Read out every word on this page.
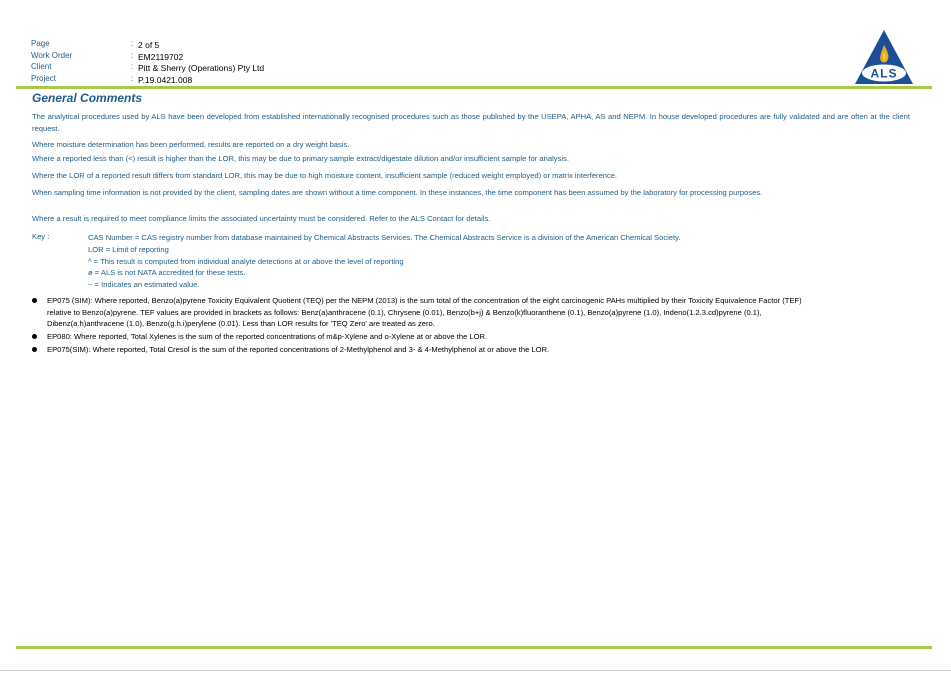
Page	: 2 of 5
Work Order	: EM2119702
Client	: Pitt & Sherry (Operations) Pty Ltd
Project	: P.19.0421.008	ALS
General Comments

The analytical procedures used by ALS have been developed from established internationally recognised procedures such as those published by the USEPA, APHA, AS and NEPM. In house developed procedures are fully validated and are often at the client request.

Where moisture determination has been performed, results are reported on a dry weight basis.

Where a reported less than (<) result is higher than the LOR, this may be due to primary sample extract/digestate dilution and/or insufficient sample for analysis.

Where the LOR of a reported result differs from standard LOR, this may be due to high moisture content, insufficient sample (reduced weight employed) or matrix interference.

When sampling time information is not provided by the client, sampling dates are shown without a time component. In these instances, the time component has been assumed by the laboratory for processing purposes.

Where a result is required to meet compliance limits the associated uncertainty must be considered. Refer to the ALS Contact for details.

Key :	CAS Number = CAS registry number from database maintained by Chemical Abstracts Services. The Chemical Abstracts Service is a division of the American Chemical Society.
LOR = Limit of reporting
^ = This result is computed from individual analyte detections at or above the level of reporting
ø = ALS is not NATA accredited for these tests.
~ = Indicates an estimated value.
EP075 (SIM): Where reported, Benzo(a)pyrene Toxicity Equivalent Quotient (TEQ) per the NEPM (2013) is the sum total of the concentration of the eight carcinogenic PAHs multiplied by their Toxicity Equivalence Factor (TEF) relative to Benzo(a)pyrene. TEF values are provided in brackets as follows: Benz(a)anthracene (0.1), Chrysene (0.01), Benzo(b+j) & Benzo(k)fluoranthene (0.1), Benzo(a)pyrene (1.0), Indeno(1.2.3.cd)pyrene (0.1), Dibenz(a.h)anthracene (1.0), Benzo(g.h.i)perylene (0.01). Less than LOR results for 'TEQ Zero' are treated as zero.
EP080: Where reported, Total Xylenes is the sum of the reported concentrations of m&p-Xylene and o-Xylene at or above the LOR.
EP075(SIM): Where reported, Total Cresol is the sum of the reported concentrations of 2-Methylphenol and 3- & 4-Methylphenol at or above the LOR.
